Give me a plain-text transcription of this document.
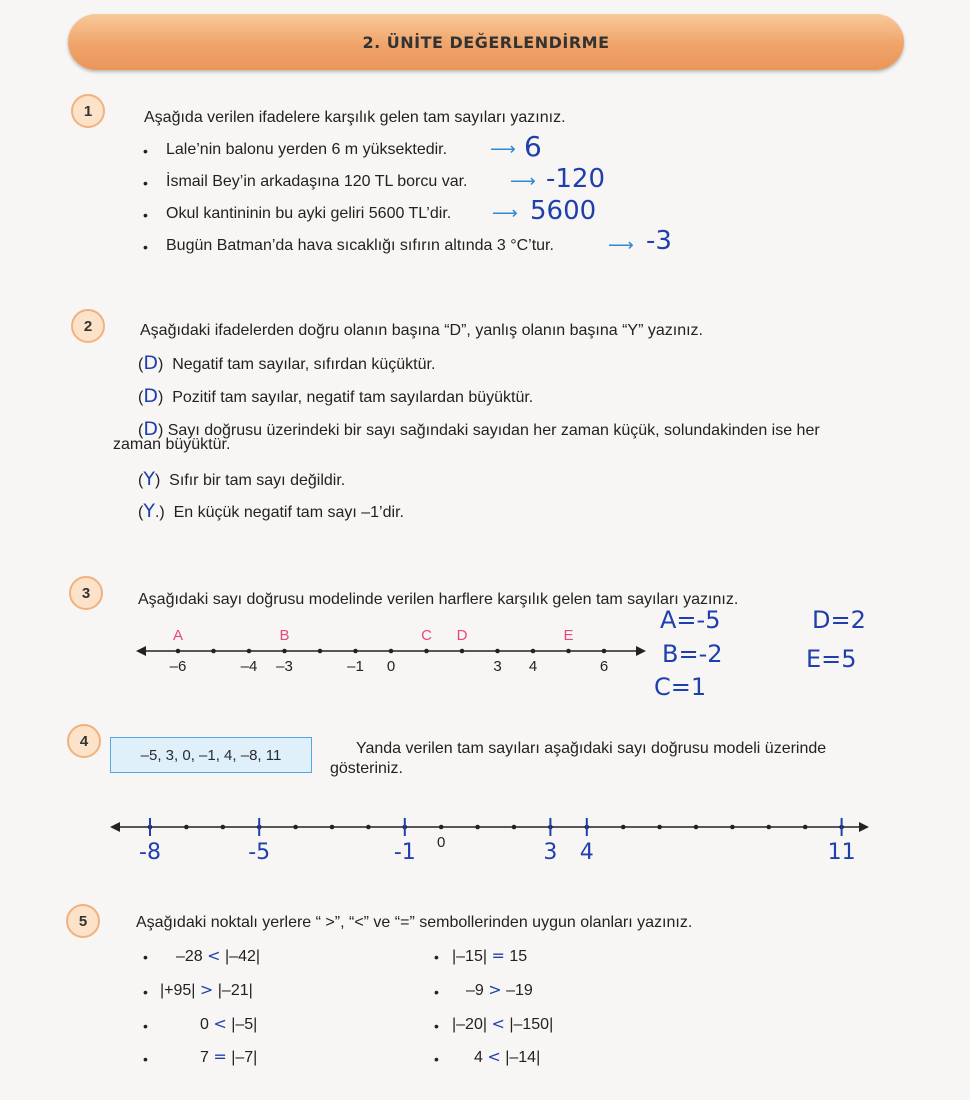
2. ÜNİTE DEĞERLENDİRME
1	Aşağıda verilen ifadelere karşılık gelen tam sayıları yazınız.
• Lale’nin balonu yerden 6 m yüksektedir. ⟶ 6
• İsmail Bey’in arkadaşına 120 TL borcu var. ⟶ -120
• Okul kantininin bu ayki geliri 5600 TL’dir. ⟶ 5600
• Bugün Batman’da hava sıcaklığı sıfırın altında 3 °C’tur.	⟶ -3
2	Aşağıdaki ifadelerden doğru olanın başına “D”, yanlış olanın başına “Y” yazınız.
(D)  Negatif tam sayılar, sıfırdan küçüktür.
(D)  Pozitif tam sayılar, negatif tam sayılardan büyüktür.
(D) Sayı doğrusu üzerindeki bir sayı sağındaki sayıdan her zaman küçük, solundakinden ise her
zaman büyüktür.
(Y)  Sıfır bir tam sayı değildir.
(Y.)  En küçük negatif tam sayı –1’dir.
3	Aşağıdaki sayı doğrusu modelinde verilen harflere karşılık gelen tam sayıları yazınız.
A	B	C D	E
–6	–4 –3	–1 0	3 4	6
A=-5	D=2
B=-2	E=5
C=1
4
–5, 3, 0, –1, 4, –8, 11	Yanda verilen tam sayıları aşağıdaki sayı doğrusu modeli üzerinde
gösteriniz.
-8	-5	-1	3 4	11
0
5	Aşağıdaki noktalı yerlere “ >”, “<” ve “=” sembollerinden uygun olanları yazınız.
• –28 < |–42|
• |+95| > |–21|
•	0 < |–5|
•	7 = |–7|
• |–15| = 15
• –9 > –19
• |–20| < |–150|
• 4 < |–14|
